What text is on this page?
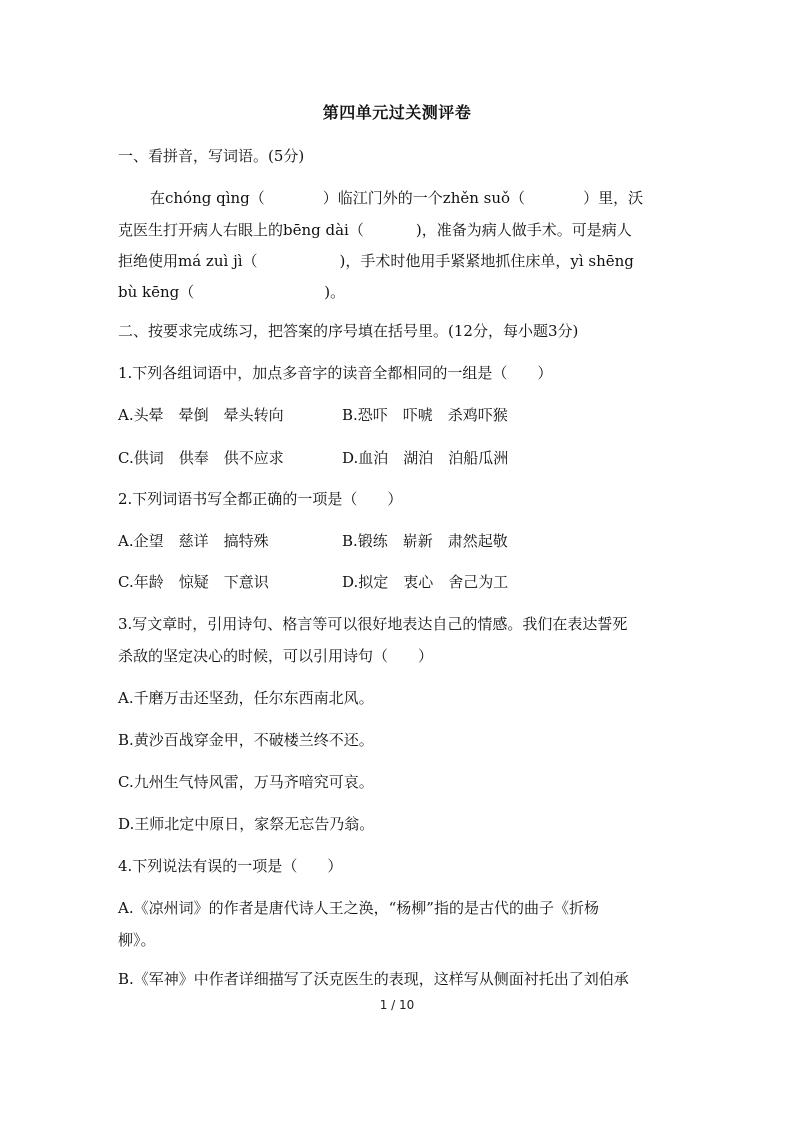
第四单元过关测评卷
一、看拼音，写词语。(5分)
在chóng qìng（	）临江门外的一个zhěn suǒ（	）里，沃
克医生打开病人右眼上的bēng dài（	)，准备为病人做手术。可是病人
拒绝使用má zuì jì（	)，手术时他用手紧紧地抓住床单，yì shēng
bù kēng（	)。
二、按要求完成练习，把答案的序号填在括号里。(12分，每小题3分)
1.下列各组词语中，加点多音字的读音全都相同的一组是（　　）
A.头晕　晕倒　晕头转向	B.恐吓　吓唬　杀鸡吓猴
C.供词　供奉　供不应求	D.血泊　湖泊　泊船瓜洲
2.下列词语书写全都正确的一项是（　　）
A.企望　慈详　搞特殊	B.锻练　崭新　肃然起敬
C.年龄　惊疑　下意识	D.拟定　衷心　舍己为工
3.写文章时，引用诗句、格言等可以很好地表达自己的情感。我们在表达誓死
杀敌的坚定决心的时候，可以引用诗句（　　）
A.千磨万击还坚劲，任尔东西南北风。
B.黄沙百战穿金甲，不破楼兰终不还。
C.九州生气恃风雷，万马齐喑究可哀。
D.王师北定中原日，家祭无忘告乃翁。
4.下列说法有误的一项是（　　）
A.《凉州词》的作者是唐代诗人王之涣，“杨柳”指的是古代的曲子《折杨
柳》。
B.《军神》中作者详细描写了沃克医生的表现，这样写从侧面衬托出了刘伯承
1 / 10
